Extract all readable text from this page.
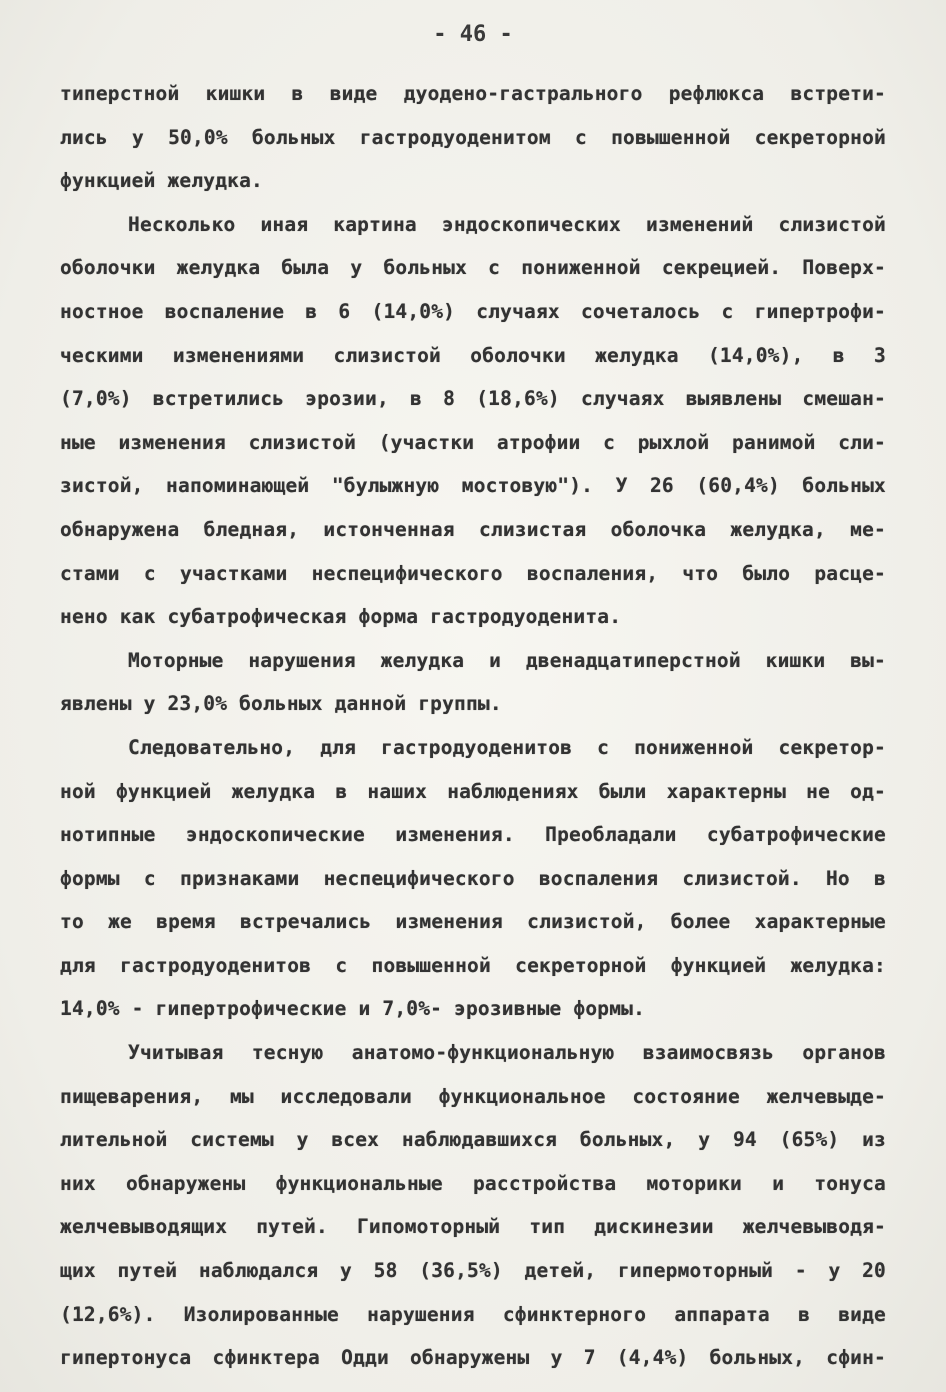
- 46 -
типерстной кишки в виде дуодено-гастрального рефлюкса встрети-
лись у 50,0% больных гастродуоденитом с повышенной секреторной
функцией желудка.
Несколько иная картина эндоскопических изменений слизистой
оболочки желудка была у больных с пониженной секрецией. Поверх-
ностное воспаление в 6 (14,0%) случаях сочеталось с гипертрофи-
ческими изменениями слизистой оболочки желудка (14,0%), в 3
(7,0%) встретились эрозии, в 8 (18,6%) случаях выявлены смешан-
ные изменения слизистой (участки атрофии с рыхлой ранимой сли-
зистой, напоминающей "булыжную мостовую"). У 26 (60,4%) больных
обнаружена бледная, истонченная слизистая оболочка желудка, ме-
стами с участками неспецифического воспаления, что было расце-
нено как субатрофическая форма гастродуоденита.
Моторные нарушения желудка и двенадцатиперстной кишки вы-
явлены у 23,0% больных данной группы.
Следовательно, для гастродуоденитов с пониженной секретор-
ной функцией желудка в наших наблюдениях были характерны не од-
нотипные эндоскопические изменения. Преобладали субатрофические
формы с признаками неспецифического воспаления слизистой. Но в
то же время встречались изменения слизистой, более характерные
для гастродуоденитов с повышенной секреторной функцией желудка:
14,0% - гипертрофические и 7,0%- эрозивные формы.
Учитывая тесную анатомо-функциональную взаимосвязь органов
пищеварения, мы исследовали функциональное состояние желчевыде-
лительной системы у всех наблюдавшихся больных, у 94 (65%) из
них обнаружены функциональные расстройства моторики и тонуса
желчевыводящих путей. Гипомоторный тип дискинезии желчевыводя-
щих путей наблюдался у 58 (36,5%) детей, гипермоторный - у 20
(12,6%). Изолированные нарушения сфинктерного аппарата в виде
гипертонуса сфинктера Одди обнаружены у 7 (4,4%) больных, сфин-
